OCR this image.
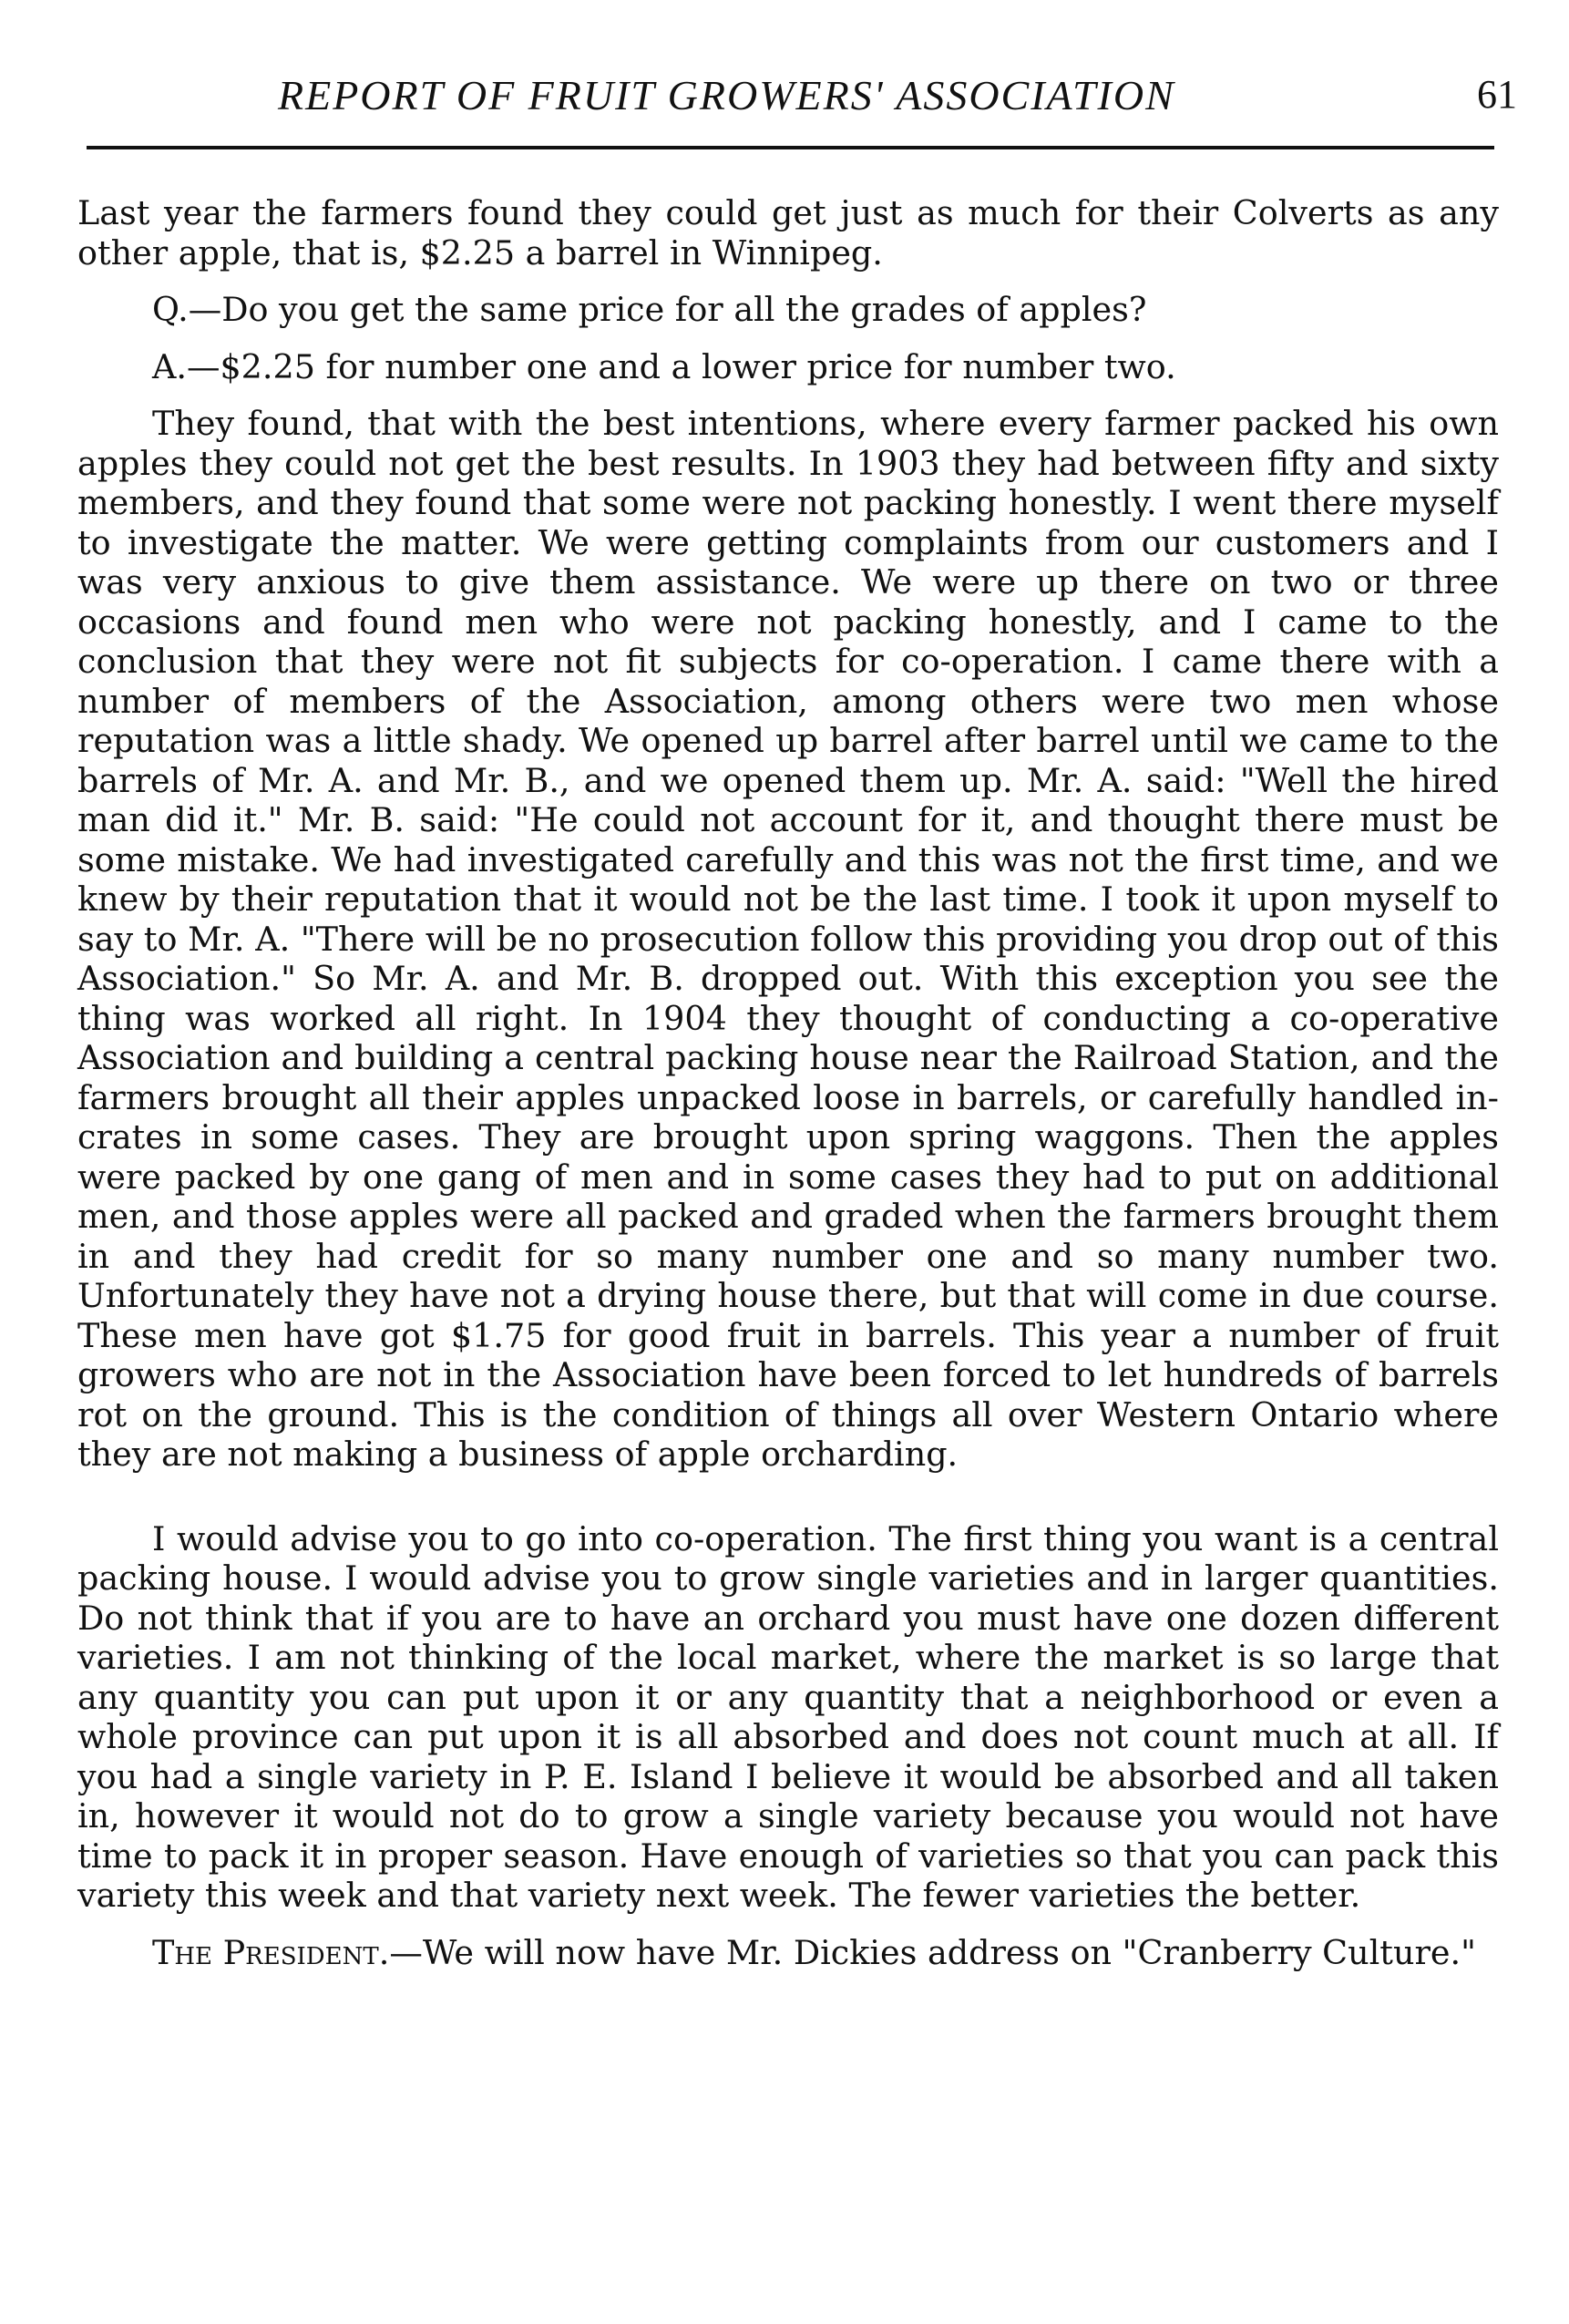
REPORT OF FRUIT GROWERS' ASSOCIATION	61

Last year the farmers found they could get just as much for their Colverts as any other apple, that is, $2.25 a barrel in Winnipeg.

Q.—Do you get the same price for all the grades of apples?

A.—$2.25 for number one and a lower price for number two.

They found, that with the best intentions, where every farmer packed his own apples they could not get the best results. In 1903 they had between fifty and sixty members, and they found that some were not packing honestly. I went there myself to investigate the matter. We were getting complaints from our customers and I was very anxious to give them assistance. We were up there on two or three occasions and found men who were not packing honestly, and I came to the conclusion that they were not fit subjects for co-operation. I came there with a number of members of the Association, among others were two men whose reputation was a little shady. We opened up barrel after barrel until we came to the barrels of Mr. A. and Mr. B., and we opened them up. Mr. A. said: "Well the hired man did it." Mr. B. said: "He could not account for it, and thought there must be some mistake. We had investigated carefully and this was not the first time, and we knew by their reputation that it would not be the last time. I took it upon myself to say to Mr. A. "There will be no prosecution follow this providing you drop out of this Association." So Mr. A. and Mr. B. dropped out. With this exception you see the thing was worked all right. In 1904 they thought of conducting a co-operative Association and building a central packing house near the Railroad Station, and the farmers brought all their apples unpacked loose in barrels, or carefully handled in-crates in some cases. They are brought upon spring waggons. Then the apples were packed by one gang of men and in some cases they had to put on additional men, and those apples were all packed and graded when the farmers brought them in and they had credit for so many number one and so many number two. Unfortunately they have not a drying house there, but that will come in due course. These men have got $1.75 for good fruit in barrels. This year a number of fruit growers who are not in the Association have been forced to let hundreds of barrels rot on the ground. This is the condition of things all over Western Ontario where they are not making a business of apple orcharding.

I would advise you to go into co-operation. The first thing you want is a central packing house. I would advise you to grow single varieties and in larger quantities. Do not think that if you are to have an orchard you must have one dozen different varieties. I am not thinking of the local market, where the market is so large that any quantity you can put upon it or any quantity that a neighborhood or even a whole province can put upon it is all absorbed and does not count much at all. If you had a single variety in P. E. Island I believe it would be absorbed and all taken in, however it would not do to grow a single variety because you would not have time to pack it in proper season. Have enough of varieties so that you can pack this variety this week and that variety next week. The fewer varieties the better.

The President.—We will now have Mr. Dickies address on "Cranberry Culture."
